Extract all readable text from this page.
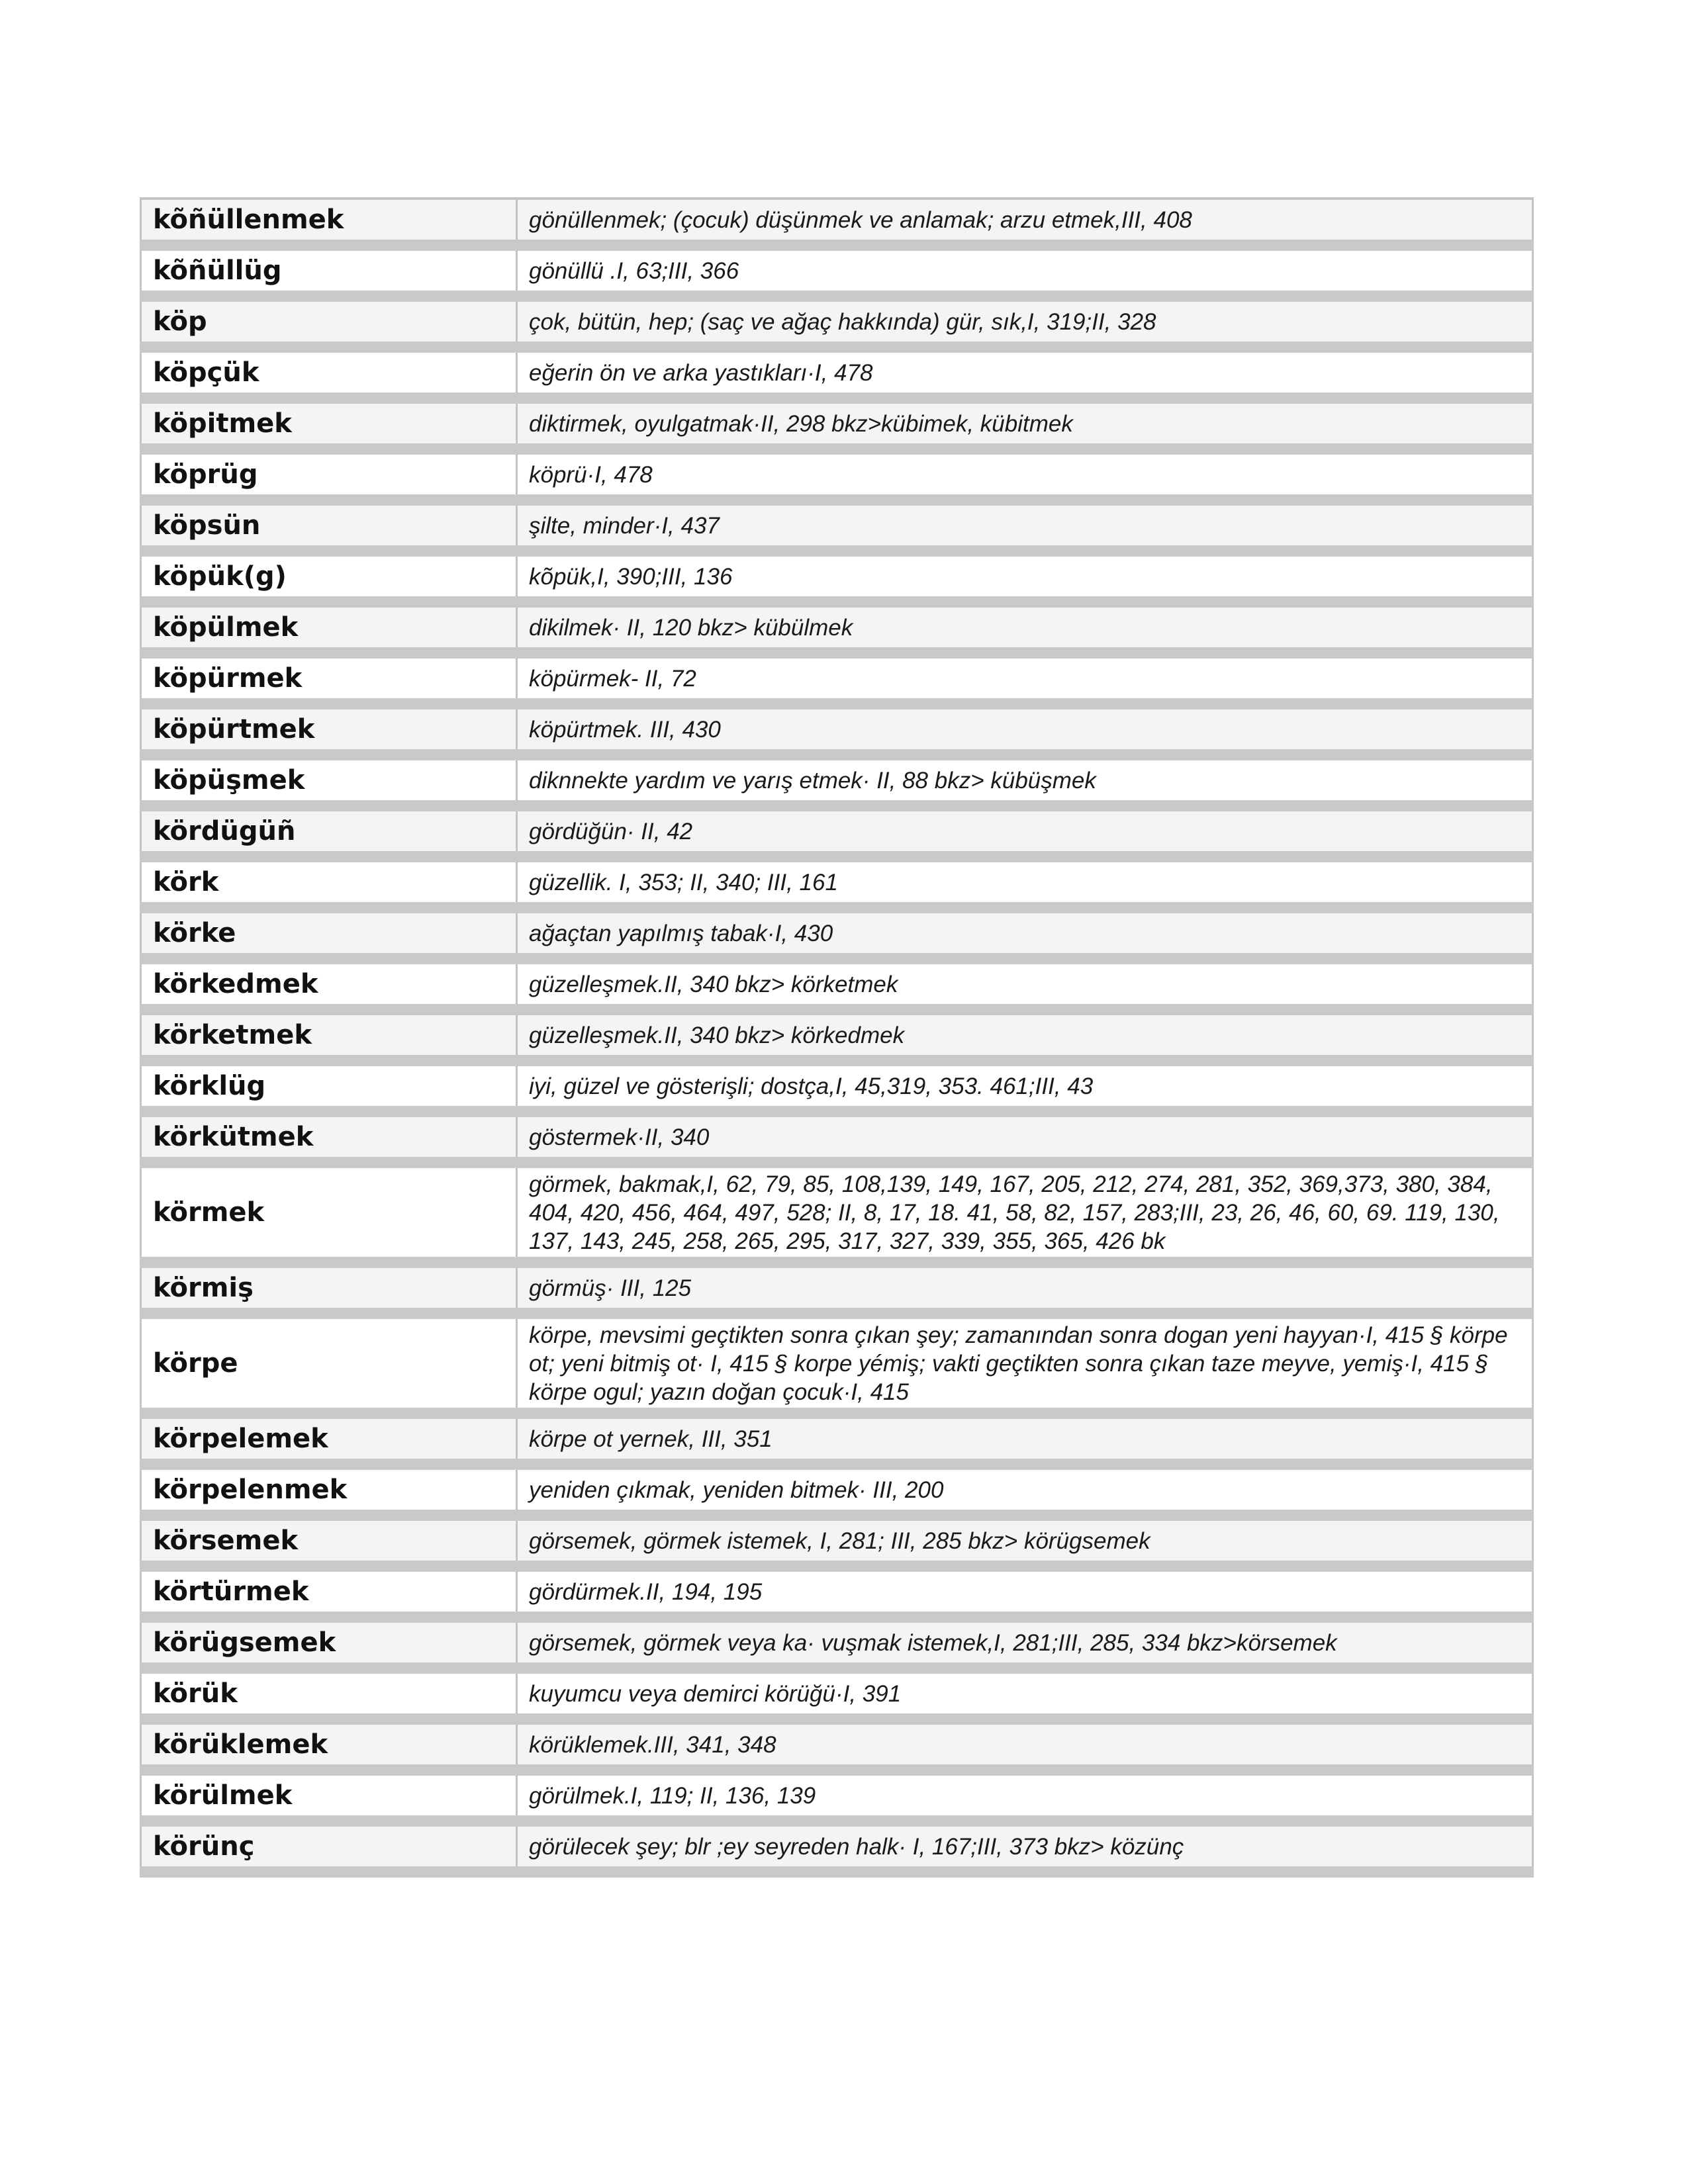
kõñüllenmek	gönüllenmek; (çocuk) düşünmek ve anlamak; arzu etmek,III, 408
kõñüllüg	gönüllü .I, 63;III, 366
köp	çok, bütün, hep; (saç ve ağaç hakkında) gür, sık,I, 319;II, 328
köpçük	eğerin ön ve arka yastıkları·I, 478
köpitmek	diktirmek, oyulgatmak·II, 298 bkz>kübimek, kübitmek
köprüg	köprü·I, 478
köpsün	şilte, minder·I, 437
köpük(g)	kõpük,I, 390;III, 136
köpülmek	dikilmek· II, 120 bkz> kübülmek
köpürmek	köpürmek- II, 72
köpürtmek	köpürtmek. III, 430
köpüşmek	diknnekte yardım ve yarış etmek· II, 88 bkz> kübüşmek
kördügüñ	gördüğün· II, 42
körk	güzellik. I, 353; II, 340; III, 161
körke	ağaçtan yapılmış tabak·I, 430
körkedmek	güzelleşmek.II, 340 bkz> körketmek
körketmek	güzelleşmek.II, 340 bkz> körkedmek
körklüg	iyi, güzel ve gösterişli; dostça,I, 45,319, 353. 461;III, 43
körkütmek	göstermek·II, 340
körmek	görmek, bakmak,I, 62, 79, 85, 108,139, 149, 167, 205, 212, 274, 281, 352, 369,373, 380, 384, 404, 420, 456, 464, 497, 528; II, 8, 17, 18. 41, 58, 82, 157, 283;III, 23, 26, 46, 60, 69. 119, 130, 137, 143, 245, 258, 265, 295, 317, 327, 339, 355, 365, 426 bk
körmiş	görmüş· III, 125
körpe	körpe, mevsimi geçtikten sonra çıkan şey; zamanından sonra dogan yeni hayyan·I, 415 § körpe ot; yeni bitmiş ot· I, 415 § korpe yémiş; vakti geçtikten sonra çıkan taze meyve, yemiş·I, 415 § körpe ogul; yazın doğan çocuk·I, 415
körpelemek	körpe ot yernek, III, 351
körpelenmek	yeniden çıkmak, yeniden bitmek· III, 200
körsemek	görsemek, görmek istemek, I, 281; III, 285 bkz> körügsemek
körtürmek	gördürmek.II, 194, 195
körügsemek	görsemek, görmek veya ka· vuşmak istemek,I, 281;III, 285, 334 bkz>körsemek
körük	kuyumcu veya demirci körüğü·I, 391
körüklemek	körüklemek.III, 341, 348
körülmek	görülmek.I, 119; II, 136, 139
körünç	görülecek şey; blr ;ey seyreden halk· I, 167;III, 373 bkz> közünç
